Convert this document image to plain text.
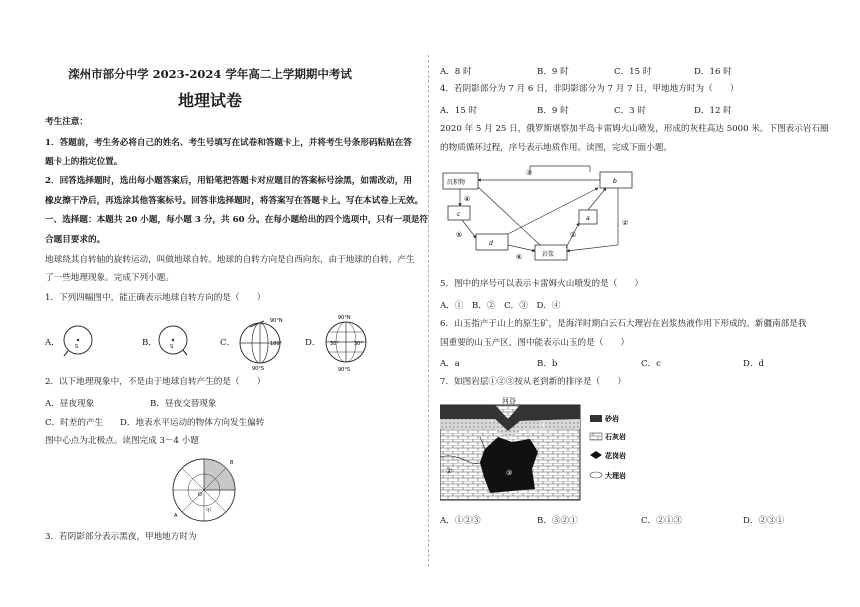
滦州市部分中学 2023-2024 学年高二上学期期中考试
地理试卷
考生注意：
1．答题前，考生务必将自己的姓名、考生号填写在试卷和答题卡上，并将考生号条形码粘贴在答
题卡上的指定位置。
2．回答选择题时，选出每小题答案后，用铅笔把答题卡对应题目的答案标号涂黑，如需改动，用
橡皮擦干净后，再选涂其他答案标号。回答非选择题时，将答案写在答题卡上。写在本试卷上无效。
一、选择题：本题共 20 小题，每小题 3 分，共 60 分。在每小题给出的四个选项中，只有一项是符
合题目要求的。
地球绕其自转轴的旋转运动，叫做地球自转。地球的自转方向是自西向东，由于地球的自转，产生
了一些地理现象。完成下列小题。
1．下列四幅图中，能正确表示地球自转方向的是（　　）
A．	S	B．	S	C．
90°N
180°
90°S
D．
90°N
30°	30°
90°S
2．以下地理现象中，不是由于地球自转产生的是（　　）
A．昼夜现象	B．昼夜交替现象
C．时差的产生 D．地表水平运动的物体方向发生偏转
图中心点为北极点。读图完成 3－4 小题
B
A
O
甲
3．若阴影部分表示黑夜，甲地地方时为
A．8 时	B．9 时	C．15 时	D．16 时
4．若阴影部分为 7 月 6 日，非阴影部分为 7 月 7 日，甲地地方时为（　　）
A．15 时	B．9 时	C．3 时	D．12 时
2020 年 5 月 25 日，俄罗斯堪察加半岛卡雷姆火山喷发，形成的灰柱高达 5000 米。下图表示岩石圈
的物质循环过程，序号表示地质作用。读图，完成下面小题。
沉积物	b
c
a
d
岩浆
③
④
⑤
⑥
①
②
5．图中的序号可以表示卡雷姆火山喷发的是（　　）
A．①　B．②　C．③　D．④
6．山玉指产于山上的原生矿，是海洋时期白云石大理岩在岩浆热液作用下形成的。新疆南部是我
国重要的山玉产区，图中能表示山玉的是（　　）
A．a	B．b	C．c	D．d
7．如图岩层①②③按从老到新的排序是（　　）
河谷
①
②	③
砂岩
石灰岩
花岗岩
大理岩
A．①②③	B．③②①	C．②①③	D．②③①
